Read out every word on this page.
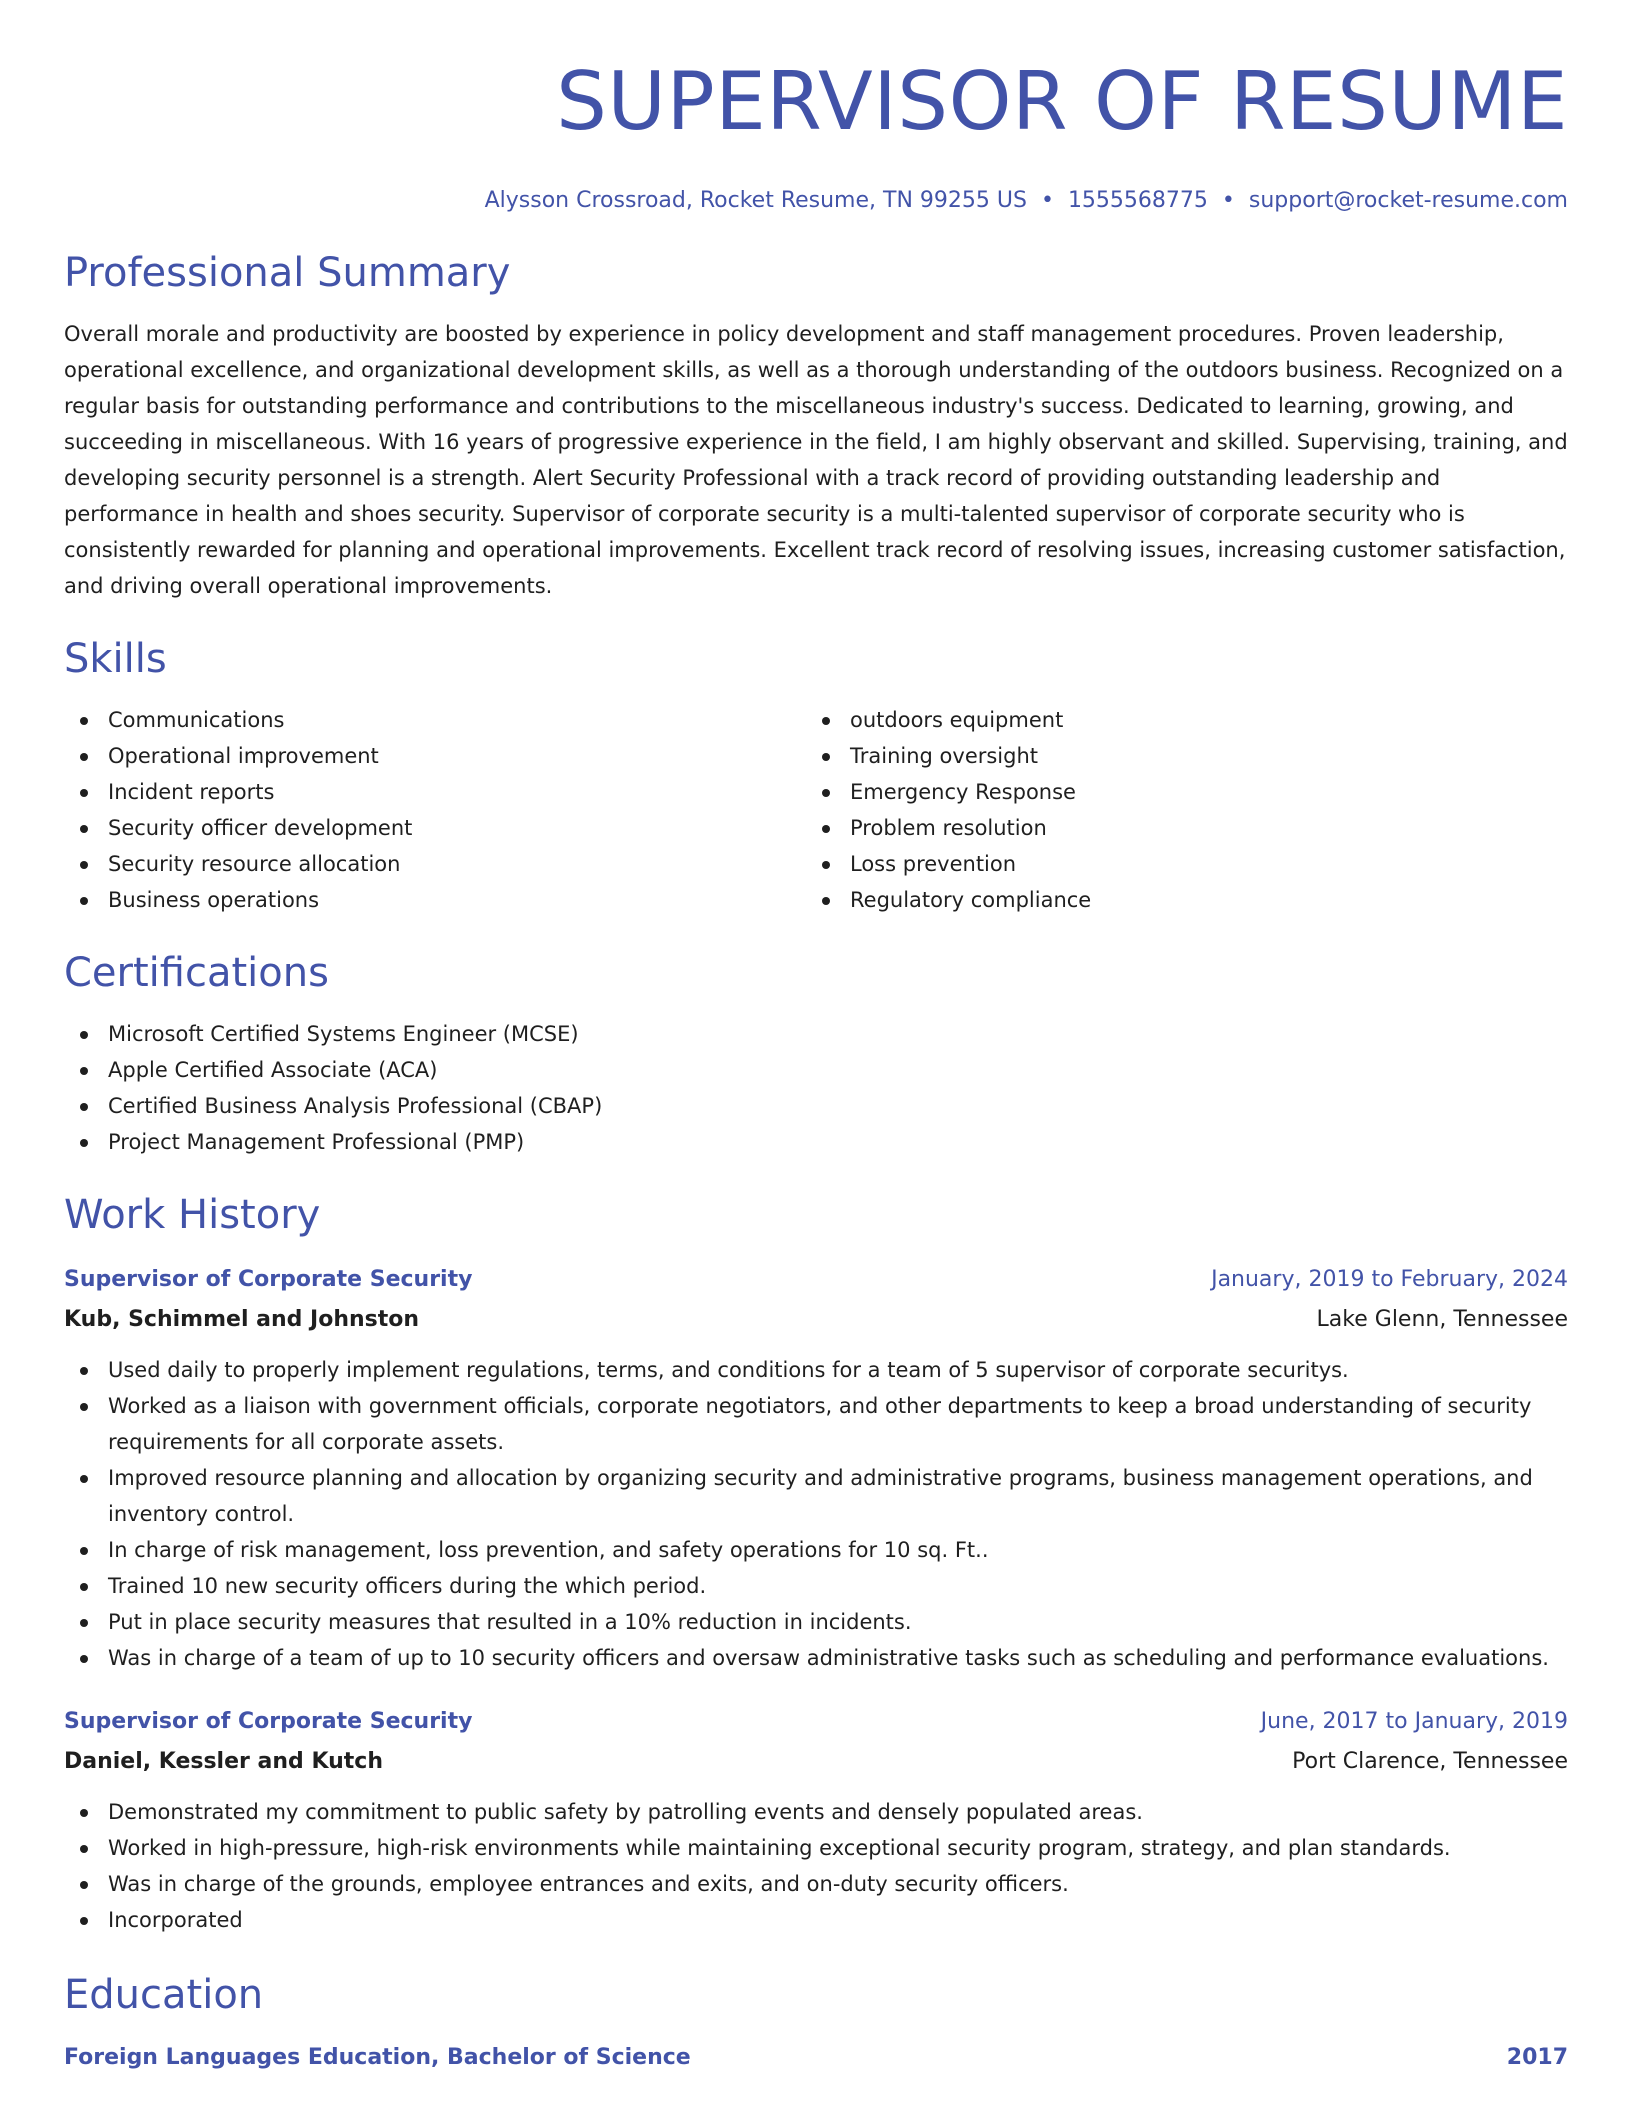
SUPERVISOR OF RESUME
Alysson Crossroad, Rocket Resume, TN 99255 US • 1555568775 • support@rocket-resume.com
Professional Summary

Overall morale and productivity are boosted by experience in policy development and staff management procedures. Proven leadership, operational excellence, and organizational development skills, as well as a thorough understanding of the outdoors business. Recognized on a regular basis for outstanding performance and contributions to the miscellaneous industry's success. Dedicated to learning, growing, and succeeding in miscellaneous. With 16 years of progressive experience in the field, I am highly observant and skilled. Supervising, training, and developing security personnel is a strength. Alert Security Professional with a track record of providing outstanding leadership and performance in health and shoes security. Supervisor of corporate security is a multi-talented supervisor of corporate security who is consistently rewarded for planning and operational improvements. Excellent track record of resolving issues, increasing customer satisfaction, and driving overall operational improvements.

Skills
Communications
Operational improvement
Incident reports
Security officer development
Security resource allocation
Business operations
outdoors equipment
Training oversight
Emergency Response
Problem resolution
Loss prevention
Regulatory compliance
Certifications
Microsoft Certified Systems Engineer (MCSE)
Apple Certified Associate (ACA)
Certified Business Analysis Professional (CBAP)
Project Management Professional (PMP)
Work History
Supervisor of Corporate Security	January, 2019 to February, 2024
Kub, Schimmel and Johnston	Lake Glenn, Tennessee
Used daily to properly implement regulations, terms, and conditions for a team of 5 supervisor of corporate securitys.
Worked as a liaison with government officials, corporate negotiators, and other departments to keep a broad understanding of security requirements for all corporate assets.
Improved resource planning and allocation by organizing security and administrative programs, business management operations, and inventory control.
In charge of risk management, loss prevention, and safety operations for 10 sq. Ft..
Trained 10 new security officers during the which period.
Put in place security measures that resulted in a 10% reduction in incidents.
Was in charge of a team of up to 10 security officers and oversaw administrative tasks such as scheduling and performance evaluations.
Supervisor of Corporate Security	June, 2017 to January, 2019
Daniel, Kessler and Kutch	Port Clarence, Tennessee
Demonstrated my commitment to public safety by patrolling events and densely populated areas.
Worked in high-pressure, high-risk environments while maintaining exceptional security program, strategy, and plan standards.
Was in charge of the grounds, employee entrances and exits, and on-duty security officers.
Incorporated
Education
Foreign Languages Education, Bachelor of Science	2017
